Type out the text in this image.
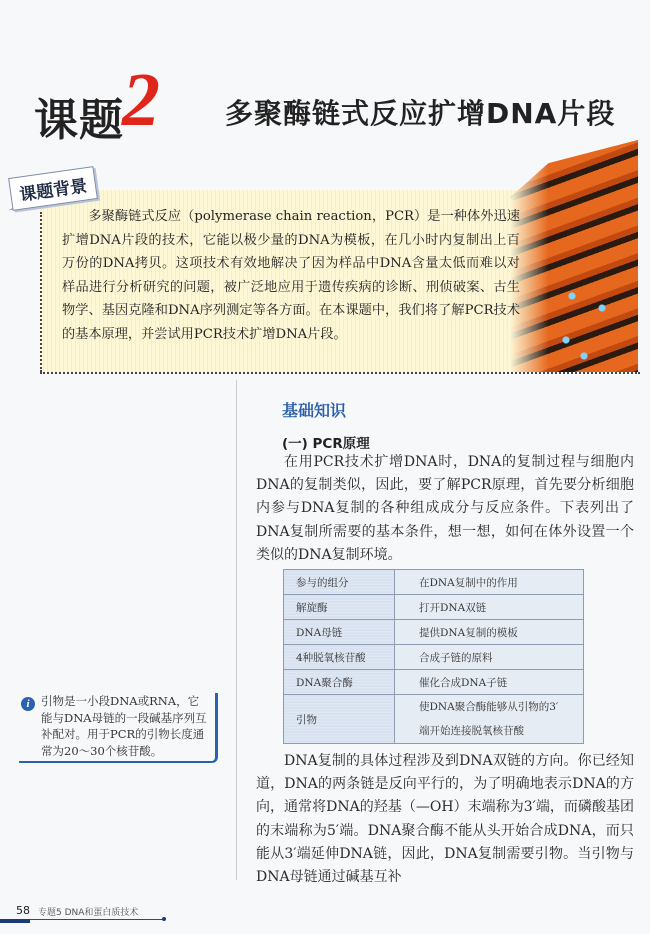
课题
2 多聚酶链式反应扩增DNA片段
课题背景
多聚酶链式反应（polymerase chain reaction，PCR）是一种体外迅速扩增DNA片段的技术，它能以极少量的DNA为模板，在几小时内复制出上百万份的DNA拷贝。这项技术有效地解决了因为样品中DNA含量太低而难以对样品进行分析研究的问题，被广泛地应用于遗传疾病的诊断、刑侦破案、古生物学、基因克隆和DNA序列测定等各方面。在本课题中，我们将了解PCR技术的基本原理，并尝试用PCR技术扩增DNA片段。
基础知识
(一) PCR原理
在用PCR技术扩增DNA时，DNA的复制过程与细胞内DNA的复制类似，因此，要了解PCR原理，首先要分析细胞内参与DNA复制的各种组成成分与反应条件。下表列出了DNA复制所需要的基本条件，想一想，如何在体外设置一个类似的DNA复制环境。
参与的组分	在DNA复制中的作用
解旋酶	打开DNA双链
DNA母链	提供DNA复制的模板
4种脱氧核苷酸	合成子链的原料
DNA聚合酶	催化合成DNA子链
引物	使DNA聚合酶能够从引物的3′
端开始连接脱氧核苷酸
DNA复制的具体过程涉及到DNA双链的方向。你已经知道，DNA的两条链是反向平行的，为了明确地表示DNA的方向，通常将DNA的羟基（—OH）末端称为3′端，而磷酸基团的末端称为5′端。DNA聚合酶不能从头开始合成DNA，而只能从3′端延伸DNA链，因此，DNA复制需要引物。当引物与DNA母链通过碱基互补
i 引物是一小段DNA或RNA，它能与DNA母链的一段碱基序列互补配对。用于PCR的引物长度通常为20～30个核苷酸。
58 专题5 DNA和蛋白质技术
